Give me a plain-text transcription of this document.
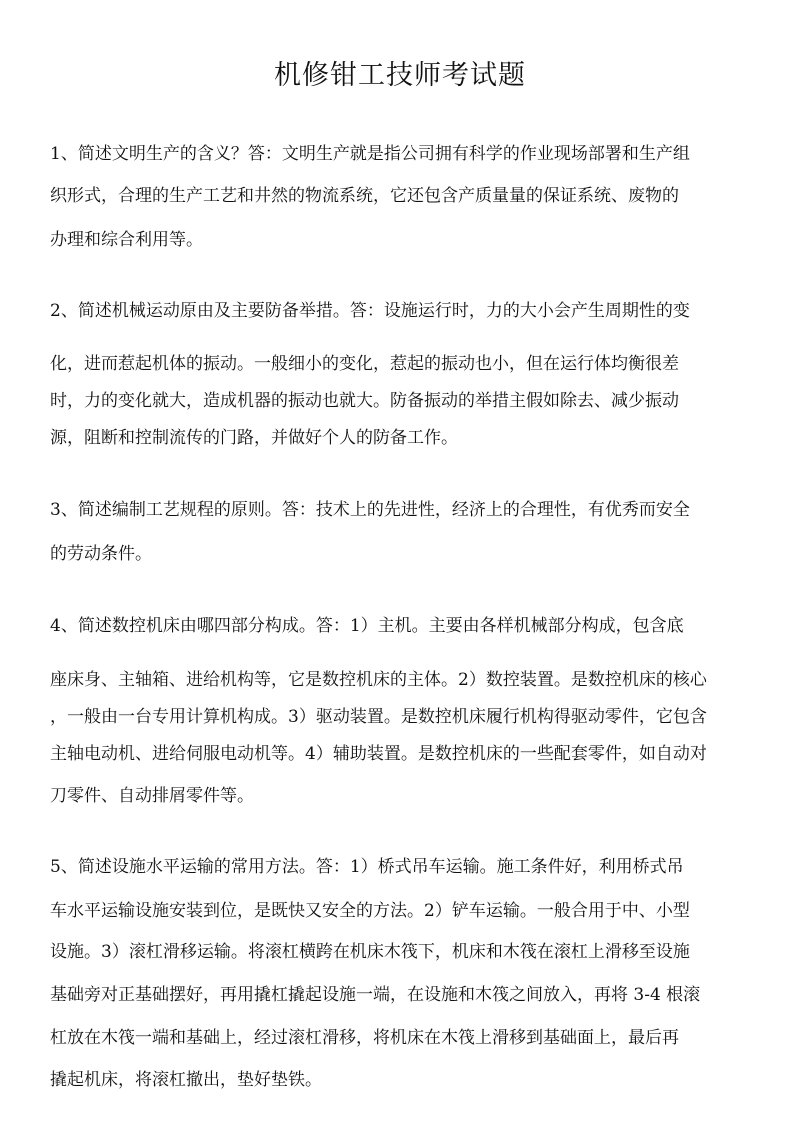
机修钳工技师考试题
1、简述文明生产的含义？答：文明生产就是指公司拥有科学的作业现场部署和生产组
织形式，合理的生产工艺和井然的物流系统，它还包含产质量量的保证系统、废物的
办理和综合利用等。
2、简述机械运动原由及主要防备举措。答：设施运行时，力的大小会产生周期性的变
化，进而惹起机体的振动。一般细小的变化，惹起的振动也小，但在运行体均衡很差
时，力的变化就大，造成机器的振动也就大。防备振动的举措主假如除去、减少振动
源，阻断和控制流传的门路，并做好个人的防备工作。
3、简述编制工艺规程的原则。答：技术上的先进性，经济上的合理性，有优秀而安全
的劳动条件。
4、简述数控机床由哪四部分构成。答：1）主机。主要由各样机械部分构成，包含底
座床身、主轴箱、进给机构等，它是数控机床的主体。2）数控装置。是数控机床的核心
，一般由一台专用计算机构成。3）驱动装置。是数控机床履行机构得驱动零件，它包含
主轴电动机、进给伺服电动机等。4）辅助装置。是数控机床的一些配套零件，如自动对
刀零件、自动排屑零件等。
5、简述设施水平运输的常用方法。答：1）桥式吊车运输。施工条件好，利用桥式吊
车水平运输设施安装到位，是既快又安全的方法。2）铲车运输。一般合用于中、小型
设施。3）滚杠滑移运输。将滚杠横跨在机床木筏下，机床和木筏在滚杠上滑移至设施
基础旁对正基础摆好，再用撬杠撬起设施一端，在设施和木筏之间放入，再将 3-4 根滚
杠放在木筏一端和基础上，经过滚杠滑移，将机床在木筏上滑移到基础面上，最后再
撬起机床，将滚杠撤出，垫好垫铁。
